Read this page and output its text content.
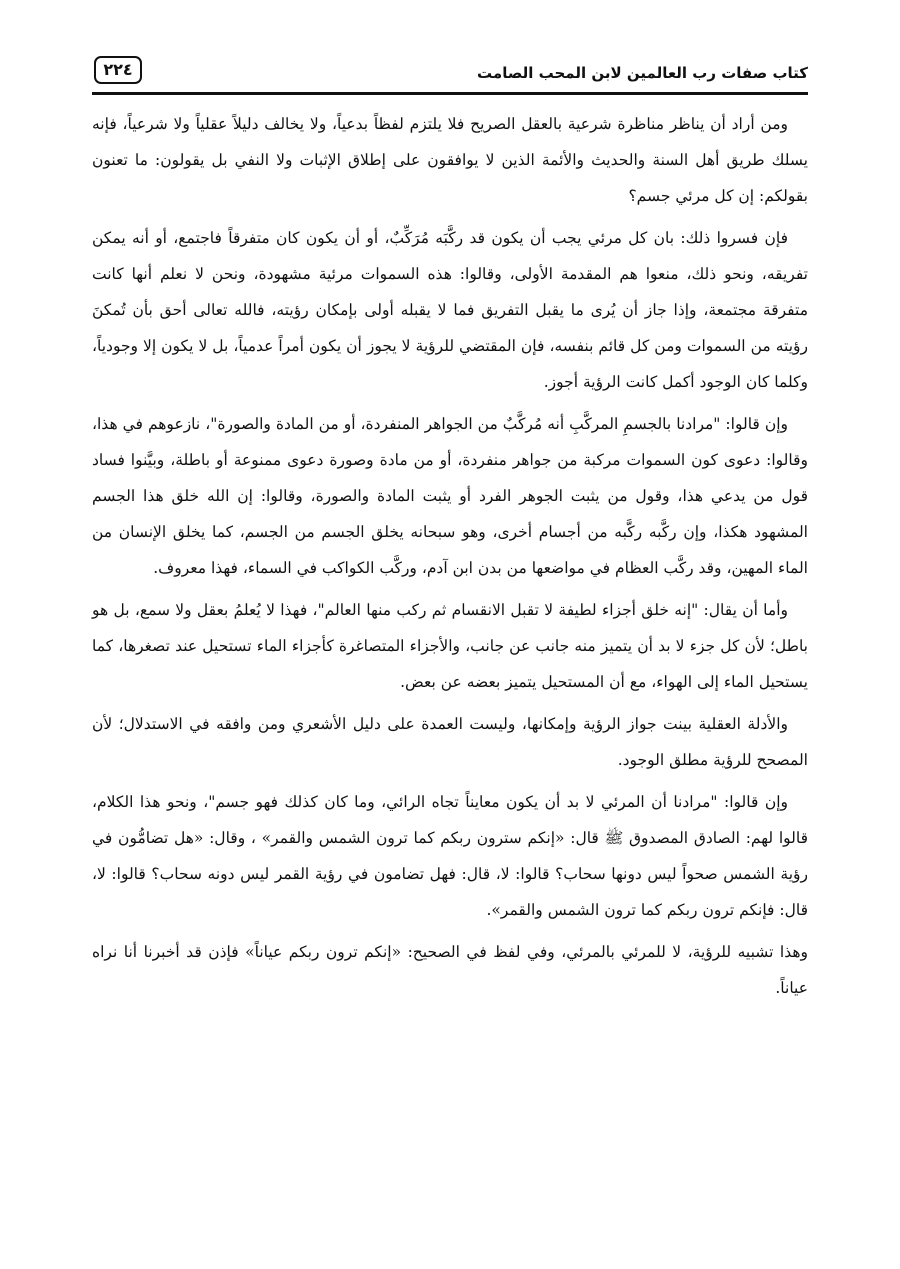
كتاب صفات رب العالمين لابن المحب الصامت
٢٢٤

ومن أراد أن يناظر مناظرة شرعية بالعقل الصريح فلا يلتزم لفظاً بدعياً، ولا يخالف دليلاً عقلياً ولا شرعياً، فإنه يسلك طريق أهل السنة والحديث والأئمة الذين لا يوافقون على إطلاق الإثبات ولا النفي بل يقولون: ما تعنون بقولكم: إن كل مرئي جسم؟

فإن فسروا ذلك: بان كل مرئي يجب أن يكون قد ركَّبَه مُرَكِّبٌ، أو أن يكون كان متفرقاً فاجتمع، أو أنه يمكن تفريقه، ونحو ذلك، منعوا هم المقدمة الأولى، وقالوا: هذه السموات مرئية مشهودة، ونحن لا نعلم أنها كانت متفرقة مجتمعة، وإذا جاز أن يُرى ما يقبل التفريق فما لا يقبله أولى بإمكان رؤيته، فالله تعالى أحق بأن تُمكنَ رؤيته من السموات ومن كل قائم بنفسه، فإن المقتضي للرؤية لا يجوز أن يكون أمراً عدمياً، بل لا يكون إلا وجودياً، وكلما كان الوجود أكمل كانت الرؤية أجوز.

وإن قالوا: "مرادنا بالجسمِ المركَّبِ أنه مُركَّبٌ من الجواهر المنفردة، أو من المادة والصورة"، نازعوهم في هذا، وقالوا: دعوى كون السموات مركبة من جواهر منفردة، أو من مادة وصورة دعوى ممنوعة أو باطلة، وبيَّنوا فساد قول من يدعي هذا، وقول من يثبت الجوهر الفرد أو يثبت المادة والصورة، وقالوا: إن الله خلق هذا الجسم المشهود هكذا، وإن ركَّبه ركَّبه من أجسام أخرى، وهو سبحانه يخلق الجسم من الجسم، كما يخلق الإنسان من الماء المهين، وقد ركَّب العظام في مواضعها من بدن ابن آدم، وركَّب الكواكب في السماء، فهذا معروف.

وأما أن يقال: "إنه خلق أجزاء لطيفة لا تقبل الانقسام ثم ركب منها العالم"، فهذا لا يُعلمُ بعقل ولا سمع، بل هو باطل؛ لأن كل جزء لا بد أن يتميز منه جانب عن جانب، والأجزاء المتصاغرة كأجزاء الماء تستحيل عند تصغرها، كما يستحيل الماء إلى الهواء، مع أن المستحيل يتميز بعضه عن بعض.

والأدلة العقلية بينت جواز الرؤية وإمكانها، وليست العمدة على دليل الأشعري ومن وافقه في الاستدلال؛ لأن المصحح للرؤية مطلق الوجود.

وإن قالوا: "مرادنا أن المرئي لا بد أن يكون معايناً تجاه الرائي، وما كان كذلك فهو جسم"، ونحو هذا الكلام، قالوا لهم: الصادق المصدوق ﷺ قال: «إنكم سترون ربكم كما ترون الشمس والقمر» ، وقال: «هل تضامُّون في رؤية الشمس صحواً ليس دونها سحاب؟ قالوا: لا، قال: فهل تضامون في رؤية القمر ليس دونه سحاب؟ قالوا: لا، قال: فإنكم ترون ربكم كما ترون الشمس والقمر».

وهذا تشبيه للرؤية، لا للمرئي بالمرئي، وفي لفظ في الصحيح: «إنكم ترون ربكم عياناً» فإذن قد أخبرنا أنا نراه عياناً.
